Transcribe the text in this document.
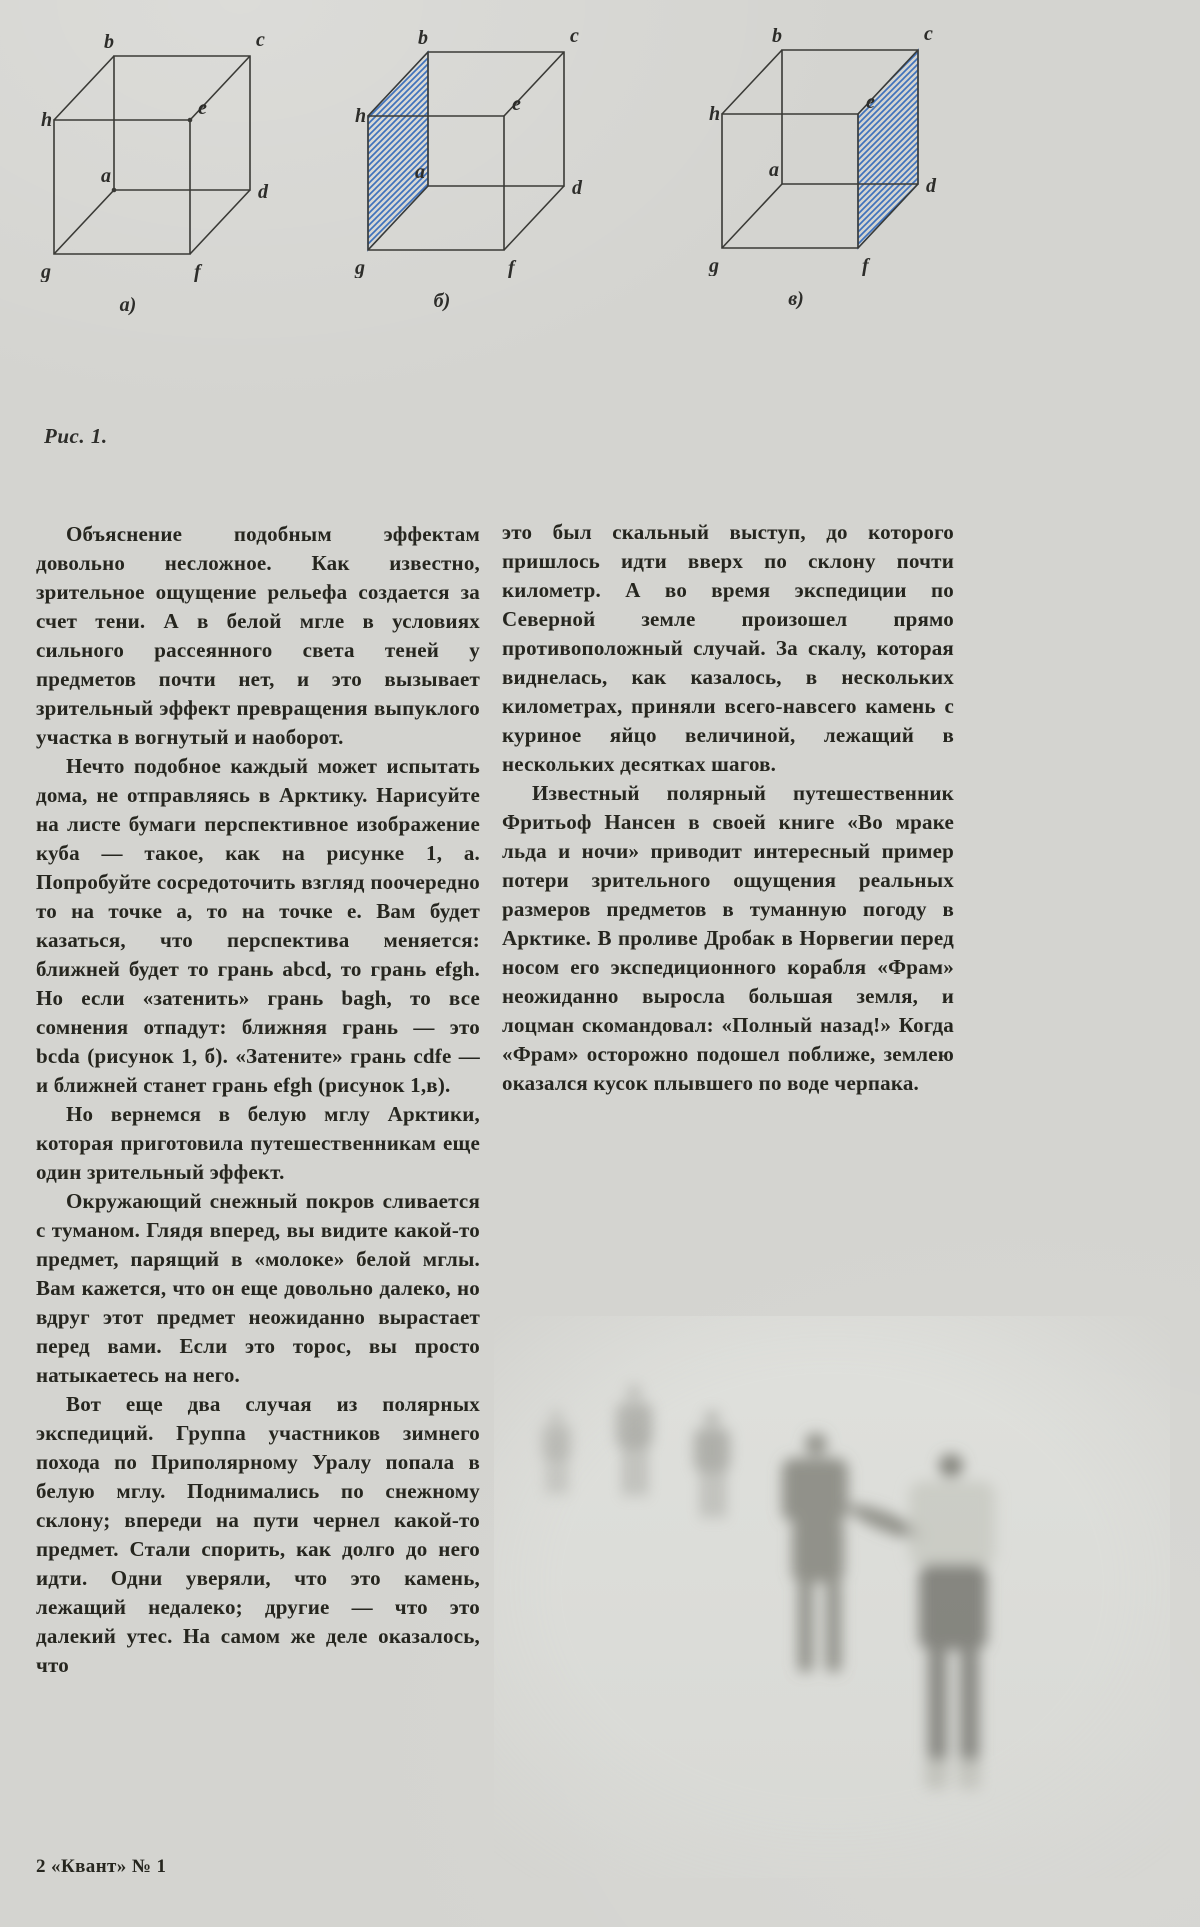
b	c
h
e
a
d
g	f
а)
b	c
h
e
a
d
g	f
б)
b	c
h
e
a
d
g	f
в)
Рис. 1.

Объяснение подобным эффектам довольно несложное. Как известно, зрительное ощущение рельефа создается за счет тени. А в белой мгле в условиях сильного рассеянного света теней у предметов почти нет, и это вызывает зрительный эффект превращения выпуклого участка в вогнутый и наоборот.

Нечто подобное каждый может испытать дома, не отправляясь в Арктику. Нарисуйте на листе бумаги перспективное изображение куба — такое, как на рисунке 1, а. Попробуйте сосредоточить взгляд поочередно то на точке а, то на точке е. Вам будет казаться, что перспектива меняется: ближней будет то грань abcd, то грань efgh. Но если «затенить» грань bagh, то все сомнения отпадут: ближняя грань — это bcda (рисунок 1, б). «Затените» грань cdfe — и ближней станет грань efgh (рисунок 1,в).

Но вернемся в белую мглу Арктики, которая приготовила путешественникам еще один зрительный эффект.

Окружающий снежный покров сливается с туманом. Глядя вперед, вы видите какой-то предмет, парящий в «молоке» белой мглы. Вам кажется, что он еще довольно далеко, но вдруг этот предмет неожиданно вырастает перед вами. Если это торос, вы просто натыкаетесь на него.

Вот еще два случая из полярных экспедиций. Группа участников зимнего похода по Приполярному Уралу попала в белую мглу. Поднимались по снежному склону; впереди на пути чернел какой-то предмет. Стали спорить, как долго до него идти. Одни уверяли, что это камень, лежащий недалеко; другие — что это далекий утес. На самом же деле оказалось, что

это был скальный выступ, до которого пришлось идти вверх по склону почти километр. А во время экспедиции по Северной земле произошел прямо противоположный случай. За скалу, которая виднелась, как казалось, в нескольких километрах, приняли всего-навсего камень с куриное яйцо величиной, лежащий в нескольких десятках шагов.

Известный полярный путешественник Фритьоф Нансен в своей книге «Во мраке льда и ночи» приводит интересный пример потери зрительного ощущения реальных размеров предметов в туманную погоду в Арктике. В проливе Дробак в Норвегии перед носом его экспедиционного корабля «Фрам» неожиданно выросла большая земля, и лоцман скомандовал: «Полный назад!» Когда «Фрам» осторожно подошел поближе, землею оказался кусок плывшего по воде черпака.

2 «Квант» № 1
